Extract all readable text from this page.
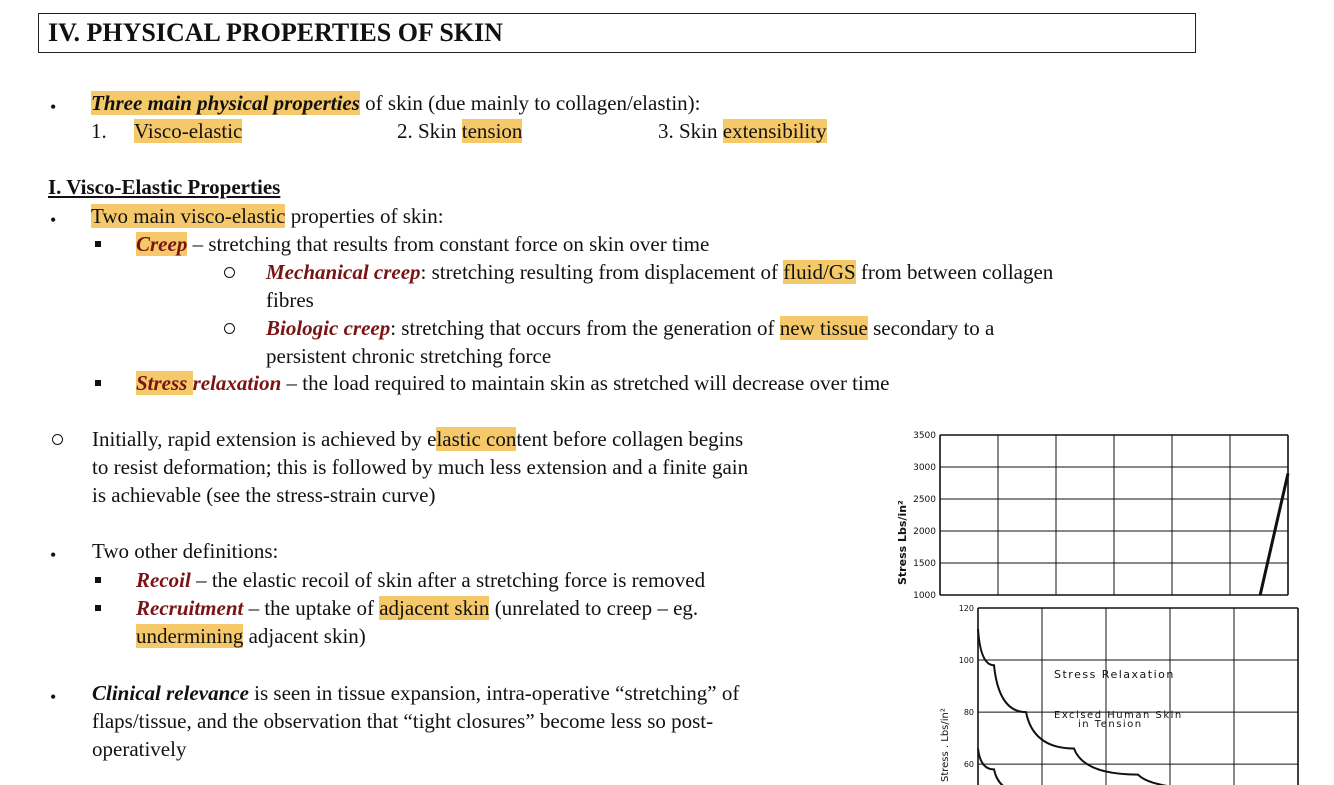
IV. PHYSICAL PROPERTIES OF SKIN
• Three main physical properties of skin (due mainly to collagen/elastin):
1. Visco-elastic	2. Skin tension	3. Skin extensibility
I. Visco-Elastic Properties
• Two main visco-elastic properties of skin:
Creep – stretching that results from constant force on skin over time
Mechanical creep: stretching resulting from displacement of fluid/GS from between collagen
fibres
Biologic creep: stretching that occurs from the generation of new tissue secondary to a
persistent chronic stretching force
Stress relaxation – the load required to maintain skin as stretched will decrease over time
Initially, rapid extension is achieved by elastic content before collagen begins
to resist deformation; this is followed by much less extension and a finite gain
is achievable (see the stress-strain curve)
• Two other definitions:
Recoil – the elastic recoil of skin after a stretching force is removed
Recruitment – the uptake of adjacent skin (unrelated to creep – eg.
undermining adjacent skin)
• Clinical relevance is seen in tissue expansion, intra-operative “stretching” of
flaps/tissue, and the observation that “tight closures” become less so post-
operatively
Stress Lbs/in²
3500
3000
2500
2000
1500
1000
Stress . Lbs/in²
120
100
80
60
Stress Relaxation
Excised Human Skin
in Tension
